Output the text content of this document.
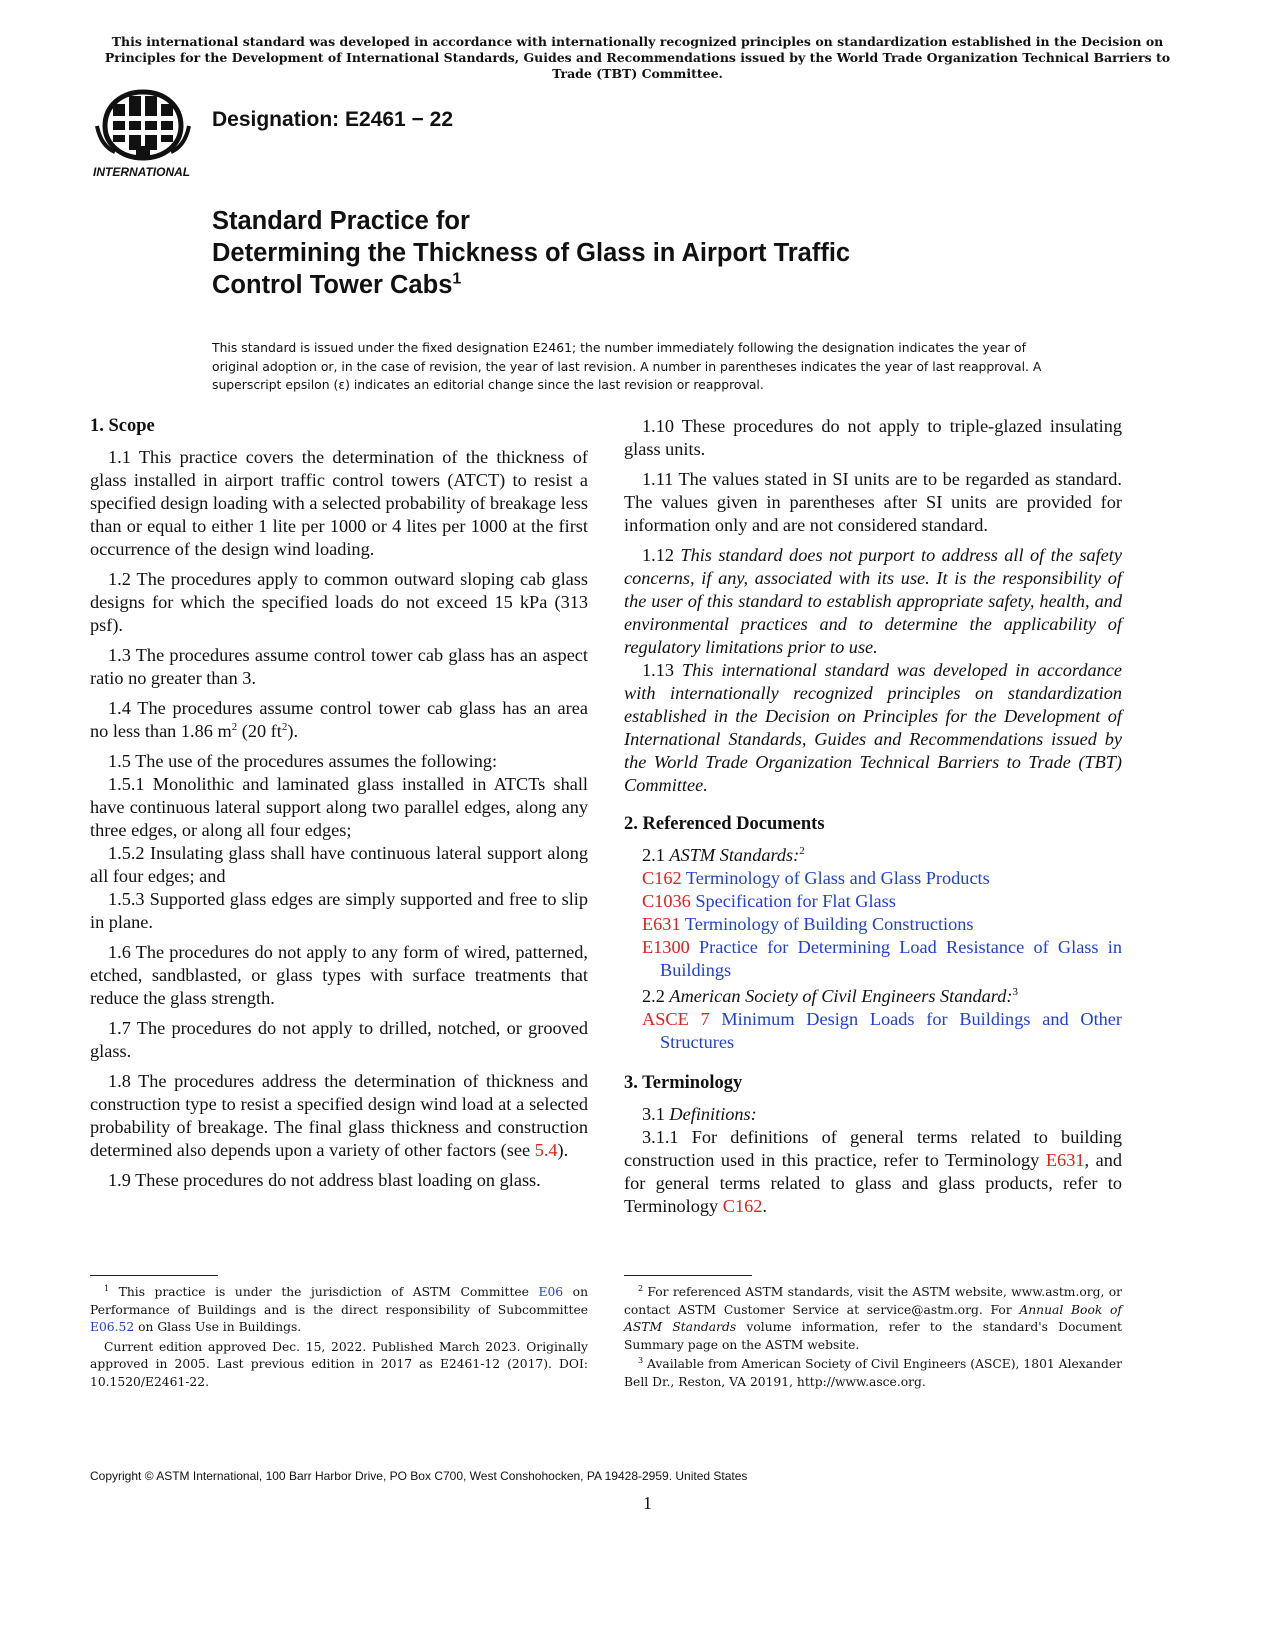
This international standard was developed in accordance with internationally recognized principles on standardization established in the Decision on Principles for the Development of International Standards, Guides and Recommendations issued by the World Trade Organization Technical Barriers to Trade (TBT) Committee.
INTERNATIONAL
Designation: E2461 − 22
Standard Practice for
Determining the Thickness of Glass in Airport Traffic
Control Tower Cabs$^1$
This standard is issued under the fixed designation E2461; the number immediately following the designation indicates the year of original adoption or, in the case of revision, the year of last revision. A number in parentheses indicates the year of last reapproval. A superscript epsilon (ε) indicates an editorial change since the last revision or reapproval.
1. Scope

1.1 This practice covers the determination of the thickness of glass installed in airport traffic control towers (ATCT) to resist a specified design loading with a selected probability of breakage less than or equal to either 1 lite per 1000 or 4 lites per 1000 at the first occurrence of the design wind loading.

1.2 The procedures apply to common outward sloping cab glass designs for which the specified loads do not exceed 15 kPa (313 psf).

1.3 The procedures assume control tower cab glass has an aspect ratio no greater than 3.

1.4 The procedures assume control tower cab glass has an area no less than 1.86 $m^2$ (20 $ft^2$).

1.5 The use of the procedures assumes the following:

1.5.1 Monolithic and laminated glass installed in ATCTs shall have continuous lateral support along two parallel edges, along any three edges, or along all four edges;

1.5.2 Insulating glass shall have continuous lateral support along all four edges; and

1.5.3 Supported glass edges are simply supported and free to slip in plane.

1.6 The procedures do not apply to any form of wired, patterned, etched, sandblasted, or glass types with surface treatments that reduce the glass strength.

1.7 The procedures do not apply to drilled, notched, or grooved glass.

1.8 The procedures address the determination of thickness and construction type to resist a specified design wind load at a selected probability of breakage. The final glass thickness and construction determined also depends upon a variety of other factors (see 5.4).

1.9 These procedures do not address blast loading on glass.

1.10 These procedures do not apply to triple-glazed insulating glass units.

1.11 The values stated in SI units are to be regarded as standard. The values given in parentheses after SI units are provided for information only and are not considered standard.

1.12 This standard does not purport to address all of the safety concerns, if any, associated with its use. It is the responsibility of the user of this standard to establish appropriate safety, health, and environmental practices and to determine the applicability of regulatory limitations prior to use.

1.13 This international standard was developed in accordance with internationally recognized principles on standardization established in the Decision on Principles for the Development of International Standards, Guides and Recommendations issued by the World Trade Organization Technical Barriers to Trade (TBT) Committee.

2. Referenced Documents

2.1 ASTM Standards:$^2$

C162 Terminology of Glass and Glass Products

C1036 Specification for Flat Glass

E631 Terminology of Building Constructions

E1300 Practice for Determining Load Resistance of Glass in Buildings

2.2 American Society of Civil Engineers Standard:$^3$

ASCE 7 Minimum Design Loads for Buildings and Other Structures

3. Terminology

3.1 Definitions:

3.1.1 For definitions of general terms related to building construction used in this practice, refer to Terminology E631, and for general terms related to glass and glass products, refer to Terminology C162.

$^1$ This practice is under the jurisdiction of ASTM Committee E06 on Performance of Buildings and is the direct responsibility of Subcommittee E06.52 on Glass Use in Buildings.

Current edition approved Dec. 15, 2022. Published March 2023. Originally approved in 2005. Last previous edition in 2017 as E2461-12 (2017). DOI: 10.1520/E2461-22.

$^2$ For referenced ASTM standards, visit the ASTM website, www.astm.org, or contact ASTM Customer Service at service@astm.org. For Annual Book of ASTM Standards volume information, refer to the standard's Document Summary page on the ASTM website.

$^3$ Available from American Society of Civil Engineers (ASCE), 1801 Alexander Bell Dr., Reston, VA 20191, http://www.asce.org.

Copyright © ASTM International, 100 Barr Harbor Drive, PO Box C700, West Conshohocken, PA 19428-2959. United States
1
